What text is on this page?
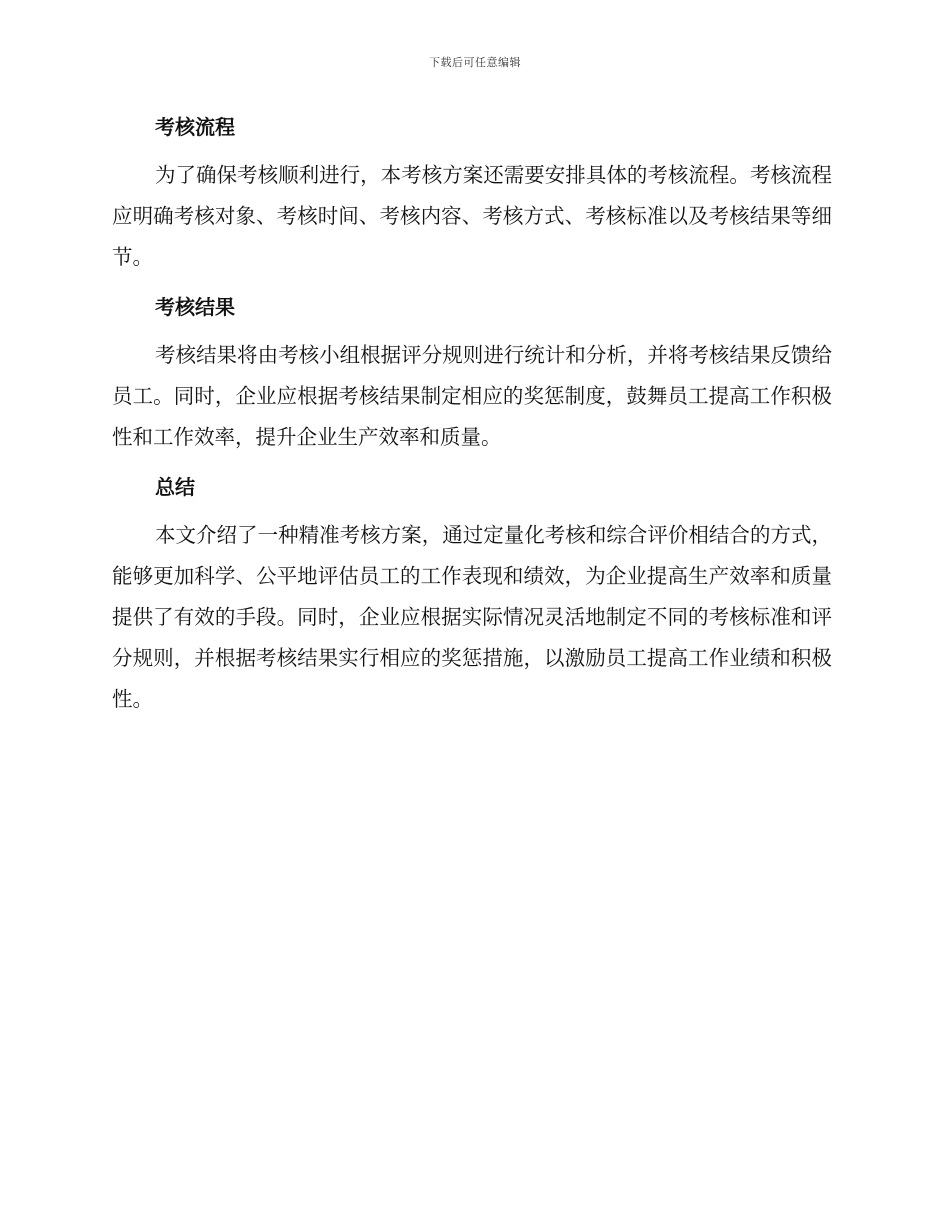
下载后可任意编辑
考核流程

为了确保考核顺利进行，本考核方案还需要安排具体的考核流程。考核流程应明确考核对象、考核时间、考核内容、考核方式、考核标准以及考核结果等细节。

考核结果

考核结果将由考核小组根据评分规则进行统计和分析，并将考核结果反馈给员工。同时，企业应根据考核结果制定相应的奖惩制度，鼓舞员工提高工作积极性和工作效率，提升企业生产效率和质量。

总结

本文介绍了一种精准考核方案，通过定量化考核和综合评价相结合的方式，能够更加科学、公平地评估员工的工作表现和绩效，为企业提高生产效率和质量提供了有效的手段。同时，企业应根据实际情况灵活地制定不同的考核标准和评分规则，并根据考核结果实行相应的奖惩措施，以激励员工提高工作业绩和积极性。
